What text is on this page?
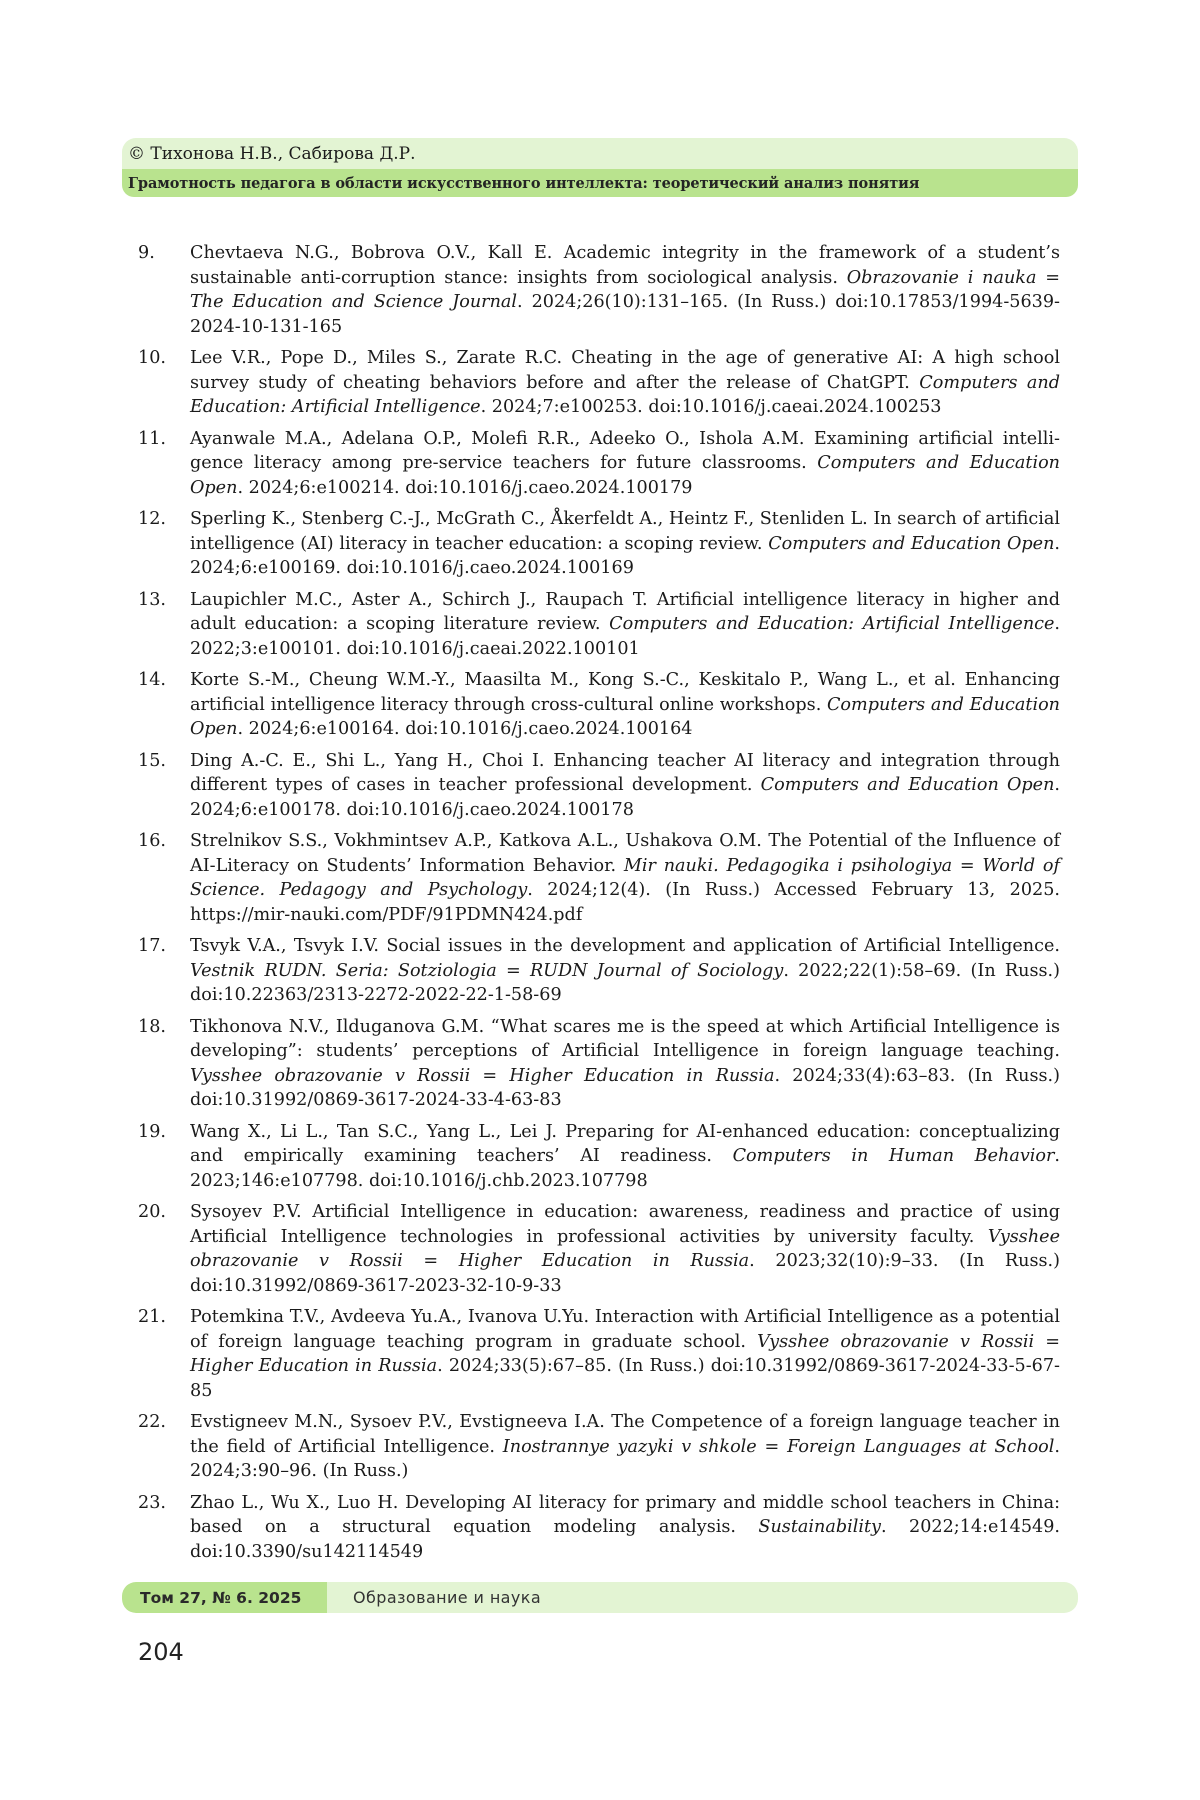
© Тихонова Н.В., Сабирова Д.Р.
Грамотность педагога в области искусственного интеллекта: теоретический анализ понятия
9.	Chevtaeva N.G., Bobrova O.V., Kall E. Academic integrity in the framework of a student’s sustainable anti-corruption stance: insights from sociological analysis. Obrazovanie i nauka = The Education and Science Journal. 2024;26(10):131–165. (In Russ.) doi:10.17853/1994-5639-2024-10-131-165
10.	Lee V.R., Pope D., Miles S., Zarate R.C. Cheating in the age of generative AI: A high school survey study of cheating behaviors before and after the release of ChatGPT. Computers and Education: Artificial Intelligence. 2024;7:e100253. doi:10.1016/j.caeai.2024.100253
11.	Ayanwale M.A., Adelana O.P., Molefi R.R., Adeeko O., Ishola A.M. Examining artificial intelligence literacy among pre-service teachers for future classrooms. Computers and Education Open. 2024;6:e100214. doi:10.1016/j.caeo.2024.100179
12.	Sperling K., Stenberg C.-J., McGrath C., Åkerfeldt A., Heintz F., Stenliden L. In search of artificial intelligence (AI) literacy in teacher education: a scoping review. Computers and Education Open. 2024;6:e100169. doi:10.1016/j.caeo.2024.100169
13.	Laupichler M.C., Aster A., Schirch J., Raupach T. Artificial intelligence literacy in higher and adult education: a scoping literature review. Computers and Education: Artificial Intelligence. 2022;3:e100101. doi:10.1016/j.caeai.2022.100101
14.	Korte S.-M., Cheung W.M.-Y., Maasilta M., Kong S.-C., Keskitalo P., Wang L., et al. Enhancing artificial intelligence literacy through cross-cultural online workshops. Computers and Education Open. 2024;6:e100164. doi:10.1016/j.caeo.2024.100164
15.	Ding A.-C. E., Shi L., Yang H., Choi I. Enhancing teacher AI literacy and integration through different types of cases in teacher professional development. Computers and Education Open. 2024;6:e100178. doi:10.1016/j.caeo.2024.100178
16.	Strelnikov S.S., Vokhmintsev A.P., Katkova A.L., Ushakova O.M. The Potential of the Influence of AI-Literacy on Students’ Information Behavior. Mir nauki. Pedagogika i psihologiya = World of Science. Pedagogy and Psychology. 2024;12(4). (In Russ.) Accessed February 13, 2025. https://mir-nauki.com/PDF/91PDMN424.pdf
17.	Tsvyk V.A., Tsvyk I.V. Social issues in the development and application of Artificial Intelligence. Vestnik RUDN. Seria: Sotziologia = RUDN Journal of Sociology. 2022;22(1):58–69. (In Russ.) doi:10.22363/2313-2272-2022-22-1-58-69
18.	Tikhonova N.V., Ilduganova G.M. “What scares me is the speed at which Artificial Intelligence is developing”: students’ perceptions of Artificial Intelligence in foreign language teaching. Vysshee obrazovanie v Rossii = Higher Education in Russia. 2024;33(4):63–83. (In Russ.) doi:10.31992/0869-3617-2024-33-4-63-83
19.	Wang X., Li L., Tan S.C., Yang L., Lei J. Preparing for AI-enhanced education: conceptualizing and empirically examining teachers’ AI readiness. Computers in Human Behavior. 2023;146:e107798. doi:10.1016/j.chb.2023.107798
20.	Sysoyev P.V. Artificial Intelligence in education: awareness, readiness and practice of using Artificial Intelligence technologies in professional activities by university faculty. Vysshee obrazovanie v Rossii = Higher Education in Russia. 2023;32(10):9–33. (In Russ.) doi:10.31992/0869-3617-2023-32-10-9-33
21.	Potemkina T.V., Avdeeva Yu.A., Ivanova U.Yu. Interaction with Artificial Intelligence as a potential of foreign language teaching program in graduate school. Vysshee obrazovanie v Rossii = Higher Education in Russia. 2024;33(5):67–85. (In Russ.) doi:10.31992/0869-3617-2024-33-5-67-85
22.	Evstigneev M.N., Sysoev P.V., Evstigneeva I.A. The Competence of a foreign language teacher in the field of Artificial Intelligence. Inostrannye yazyki v shkole = Foreign Languages at School. 2024;3:90–96. (In Russ.)
23.	Zhao L., Wu X., Luo H. Developing AI literacy for primary and middle school teachers in China: based on a structural equation modeling analysis. Sustainability. 2022;14:e14549. doi:10.3390/su142114549
Том 27, № 6. 2025	Образование и наука
204
